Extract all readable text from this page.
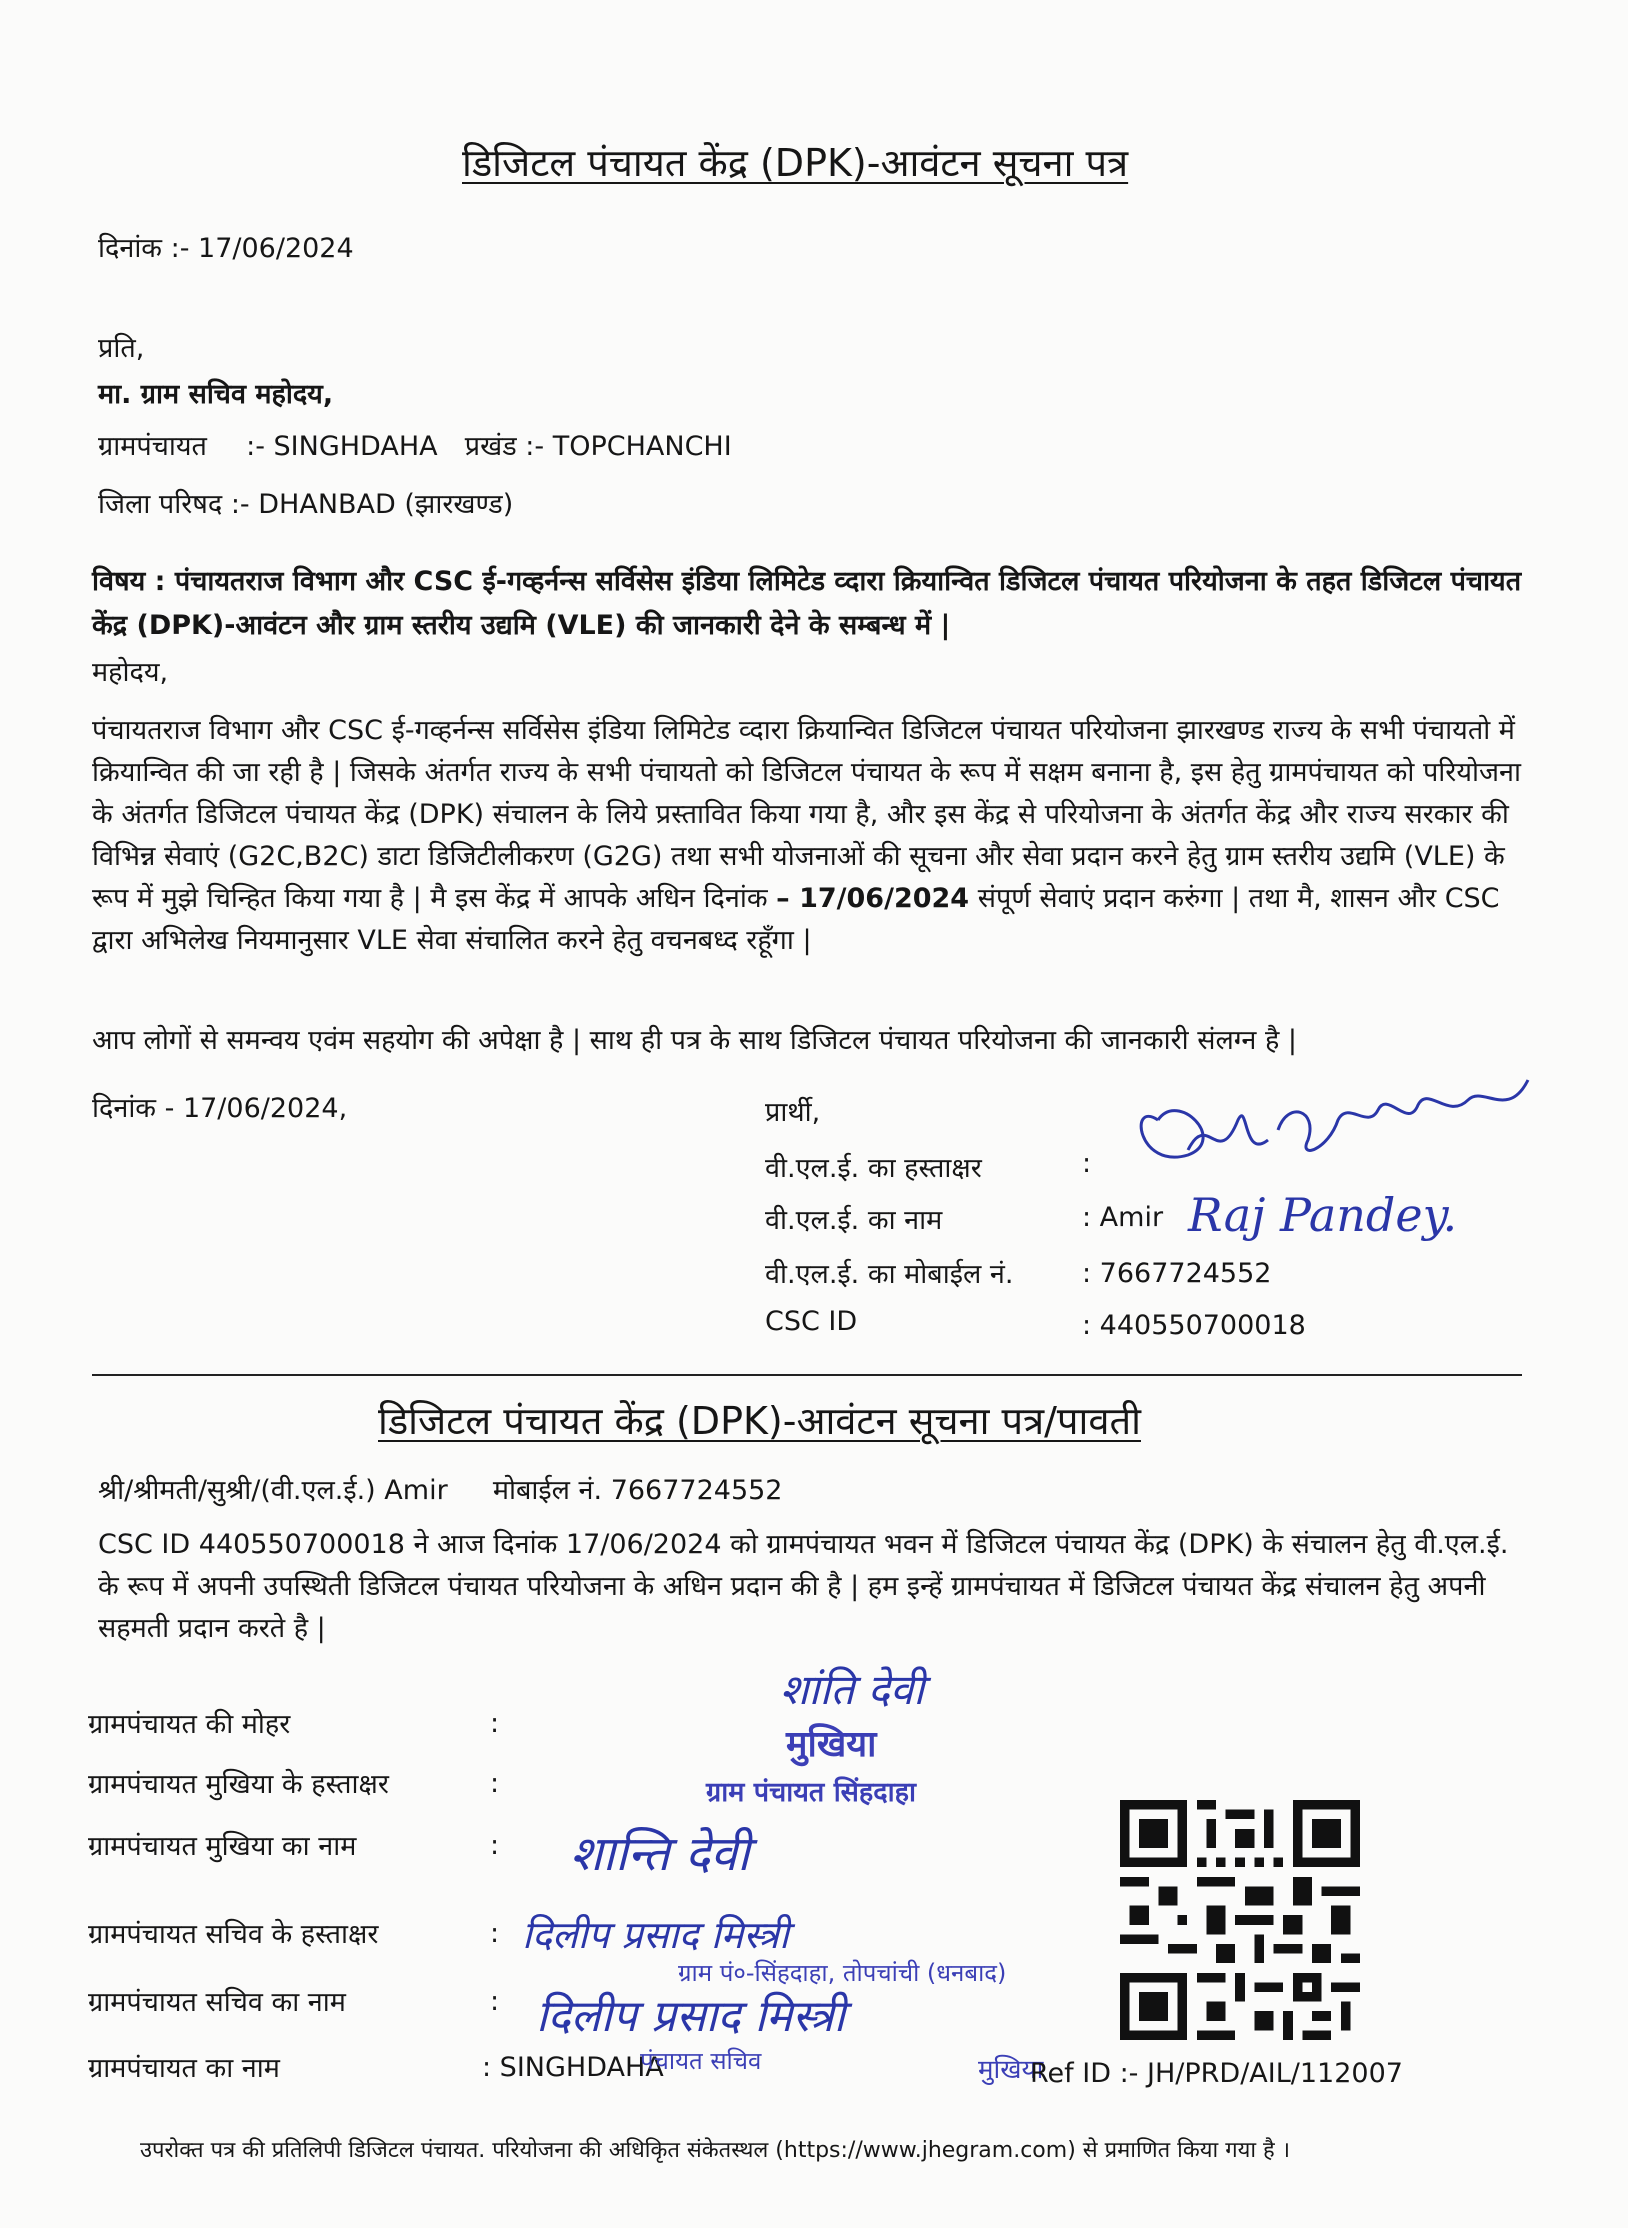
डिजिटल पंचायत केंद्र (DPK)-आवंटन सूचना पत्र
दिनांक :- 17/06/2024
प्रति,
मा. ग्राम सचिव महोदय,
ग्रामपंचायत :- SINGHDAHA प्रखंड :- TOPCHANCHI
जिला परिषद :- DHANBAD (झारखण्ड)
विषय : पंचायतराज विभाग और CSC ई-गव्हर्नन्स सर्विसेस इंडिया लिमिटेड व्दारा क्रियान्वित डिजिटल पंचायत परियोजना के तहत डिजिटल पंचायत केंद्र (DPK)-आवंटन और ग्राम स्तरीय उद्यमि (VLE) की जानकारी देने के सम्बन्ध में |
महोदय,
पंचायतराज विभाग और CSC ई-गव्हर्नन्स सर्विसेस इंडिया लिमिटेड व्दारा क्रियान्वित डिजिटल पंचायत परियोजना झारखण्ड राज्य के सभी पंचायतो में क्रियान्वित की जा रही है | जिसके अंतर्गत राज्य के सभी पंचायतो को डिजिटल पंचायत के रूप में सक्षम बनाना है, इस हेतु ग्रामपंचायत को परियोजना के अंतर्गत डिजिटल पंचायत केंद्र (DPK) संचालन के लिये प्रस्तावित किया गया है, और इस केंद्र से परियोजना के अंतर्गत केंद्र और राज्य सरकार की विभिन्न सेवाएं (G2C,B2C) डाटा डिजिटीलीकरण (G2G) तथा सभी योजनाओं की सूचना और सेवा प्रदान करने हेतु ग्राम स्तरीय उद्यमि (VLE) के रूप में मुझे चिन्हित किया गया है | मै इस केंद्र में आपके अधिन दिनांक – 17/06/2024 संपूर्ण सेवाएं प्रदान करुंगा | तथा मै, शासन और CSC द्वारा अभिलेख नियमानुसार VLE सेवा संचालित करने हेतु वचनबध्द रहूँगा |
आप लोगों से समन्वय एवंम सहयोग की अपेक्षा है | साथ ही पत्र के साथ डिजिटल पंचायत परियोजना की जानकारी संलग्न है |
दिनांक - 17/06/2024,	प्रार्थी,
वी.एल.ई. का हस्ताक्षर	:
वी.एल.ई. का नाम	: Amir
वी.एल.ई. का मोबाईल नं.	: 7667724552
CSC ID	: 440550700018
Raj Pandey.
डिजिटल पंचायत केंद्र (DPK)-आवंटन सूचना पत्र/पावती
श्री/श्रीमती/सुश्री/(वी.एल.ई.) Amir मोबाईल नं. 7667724552
CSC ID 440550700018 ने आज दिनांक 17/06/2024 को ग्रामपंचायत भवन में डिजिटल पंचायत केंद्र (DPK) के संचालन हेतु वी.एल.ई. के रूप में अपनी उपस्थिती डिजिटल पंचायत परियोजना के अधिन प्रदान की है | हम इन्हें ग्रामपंचायत में डिजिटल पंचायत केंद्र संचालन हेतु अपनी सहमती प्रदान करते है |
ग्रामपंचायत की मोहर	:
ग्रामपंचायत मुखिया के हस्ताक्षर	:
ग्रामपंचायत मुखिया का नाम	:
ग्रामपंचायत सचिव के हस्ताक्षर	:
ग्रामपंचायत सचिव का नाम	:
ग्रामपंचायत का नाम	: SINGHDAHA
शांति देवी
मुखिया
ग्राम पंचायत सिंहदाहा
शान्ति देवी
दिलीप प्रसाद मिस्त्री
ग्राम पं०-सिंहदाहा, तोपचांची (धनबाद)
दिलीप प्रसाद मिस्त्री
पंचायत सचिव	मुखिया
Ref ID :- JH/PRD/AIL/112007
उपरोक्त पत्र की प्रतिलिपी डिजिटल पंचायत. परियोजना की अधिकिृत संकेतस्थल (https://www.jhegram.com) से प्रमाणित किया गया है ।
